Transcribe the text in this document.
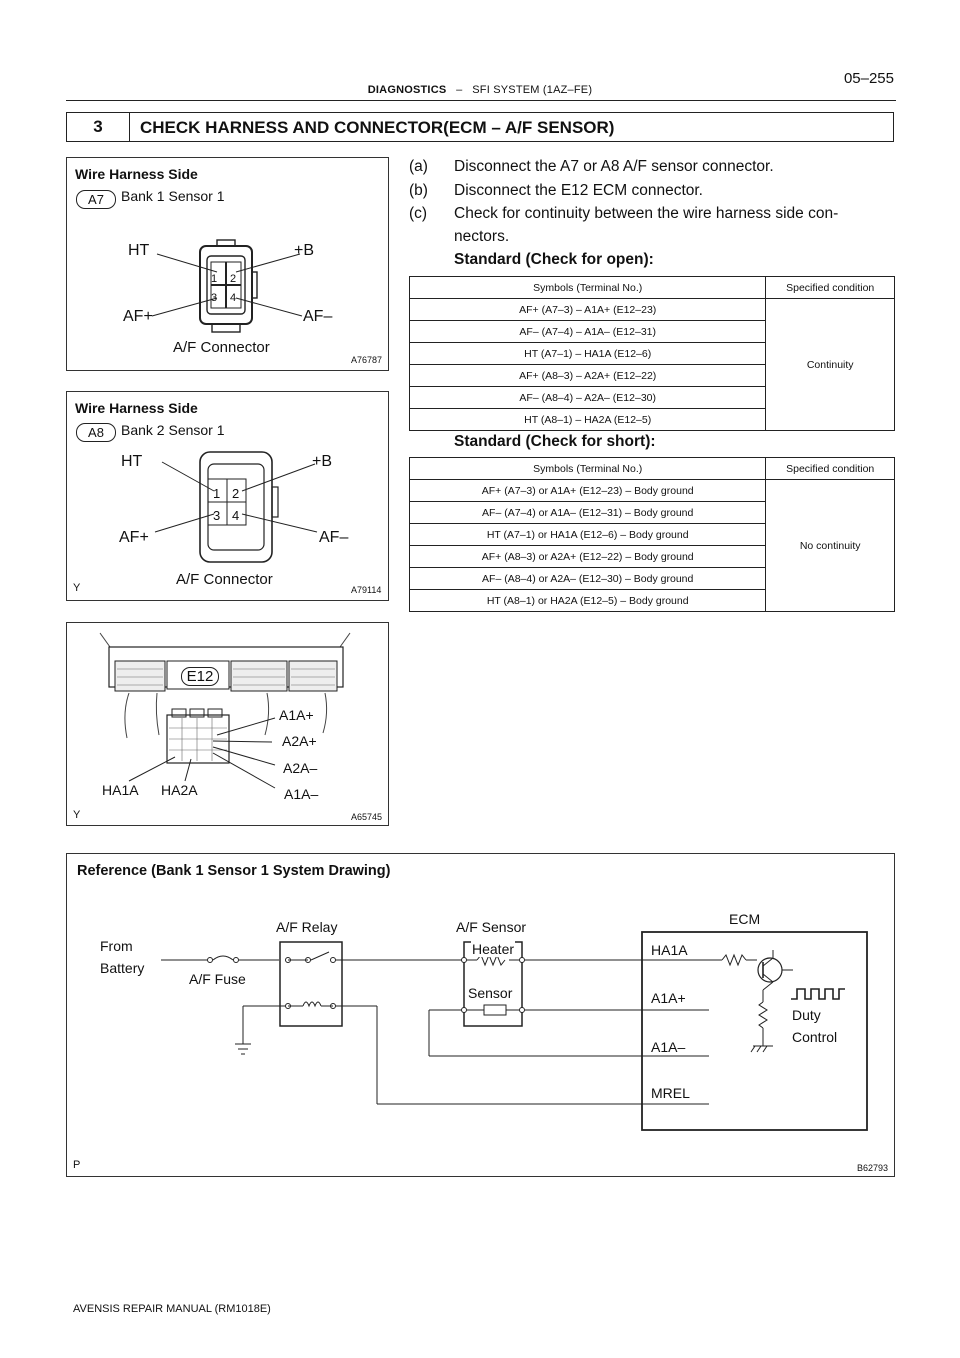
DIAGNOSTICS – SFI SYSTEM (1AZ–FE)
05–255
3	CHECK HARNESS AND CONNECTOR(ECM – A/F SENSOR)
Wire Harness Side
A7	Bank 1 Sensor 1
1 2
3 4
HT	+B
AF+	AF–
A/F Connector
A76787
Wire Harness Side
A8	Bank 2 Sensor 1
1 2
3 4
HT	+B
AF+	AF–
A/F Connector
Y	A79114
E12
A1A+
A2A+
A2A–
A1A–
HA1A HA2A
Y	A65745
(a) Disconnect the A7 or A8 A/F sensor connector.
(b) Disconnect the E12 ECM connector.
(c) Check for continuity between the wire harness side con-
nectors.
Standard (Check for open):
Symbols (Terminal No.)	Specified condition
AF+ (A7–3) – A1A+ (E12–23)	Continuity
AF– (A7–4) – A1A– (E12–31)	
HT (A7–1) – HA1A (E12–6)	
AF+ (A8–3) – A2A+ (E12–22)	
AF– (A8–4) – A2A– (E12–30)	
HT (A8–1) – HA2A (E12–5)	
Standard (Check for short):
Symbols (Terminal No.)	Specified condition
AF+ (A7–3) or A1A+ (E12–23) – Body ground	No continuity
AF– (A7–4) or A1A– (E12–31) – Body ground	
HT (A7–1) or HA1A (E12–6) – Body ground	
AF+ (A8–3) or A2A+ (E12–22) – Body ground	
AF– (A8–4) or A2A– (E12–30) – Body ground	
HT (A8–1) or HA2A (E12–5) – Body ground	
Reference (Bank 1 Sensor 1 System Drawing)
From
Battery
A/F Fuse
A/F Relay	A/F Sensor
Heater
Sensor
ECM
HA1A
A1A+
A1A–
MREL
Duty
Control
P	B62793
AVENSIS REPAIR MANUAL (RM1018E)
